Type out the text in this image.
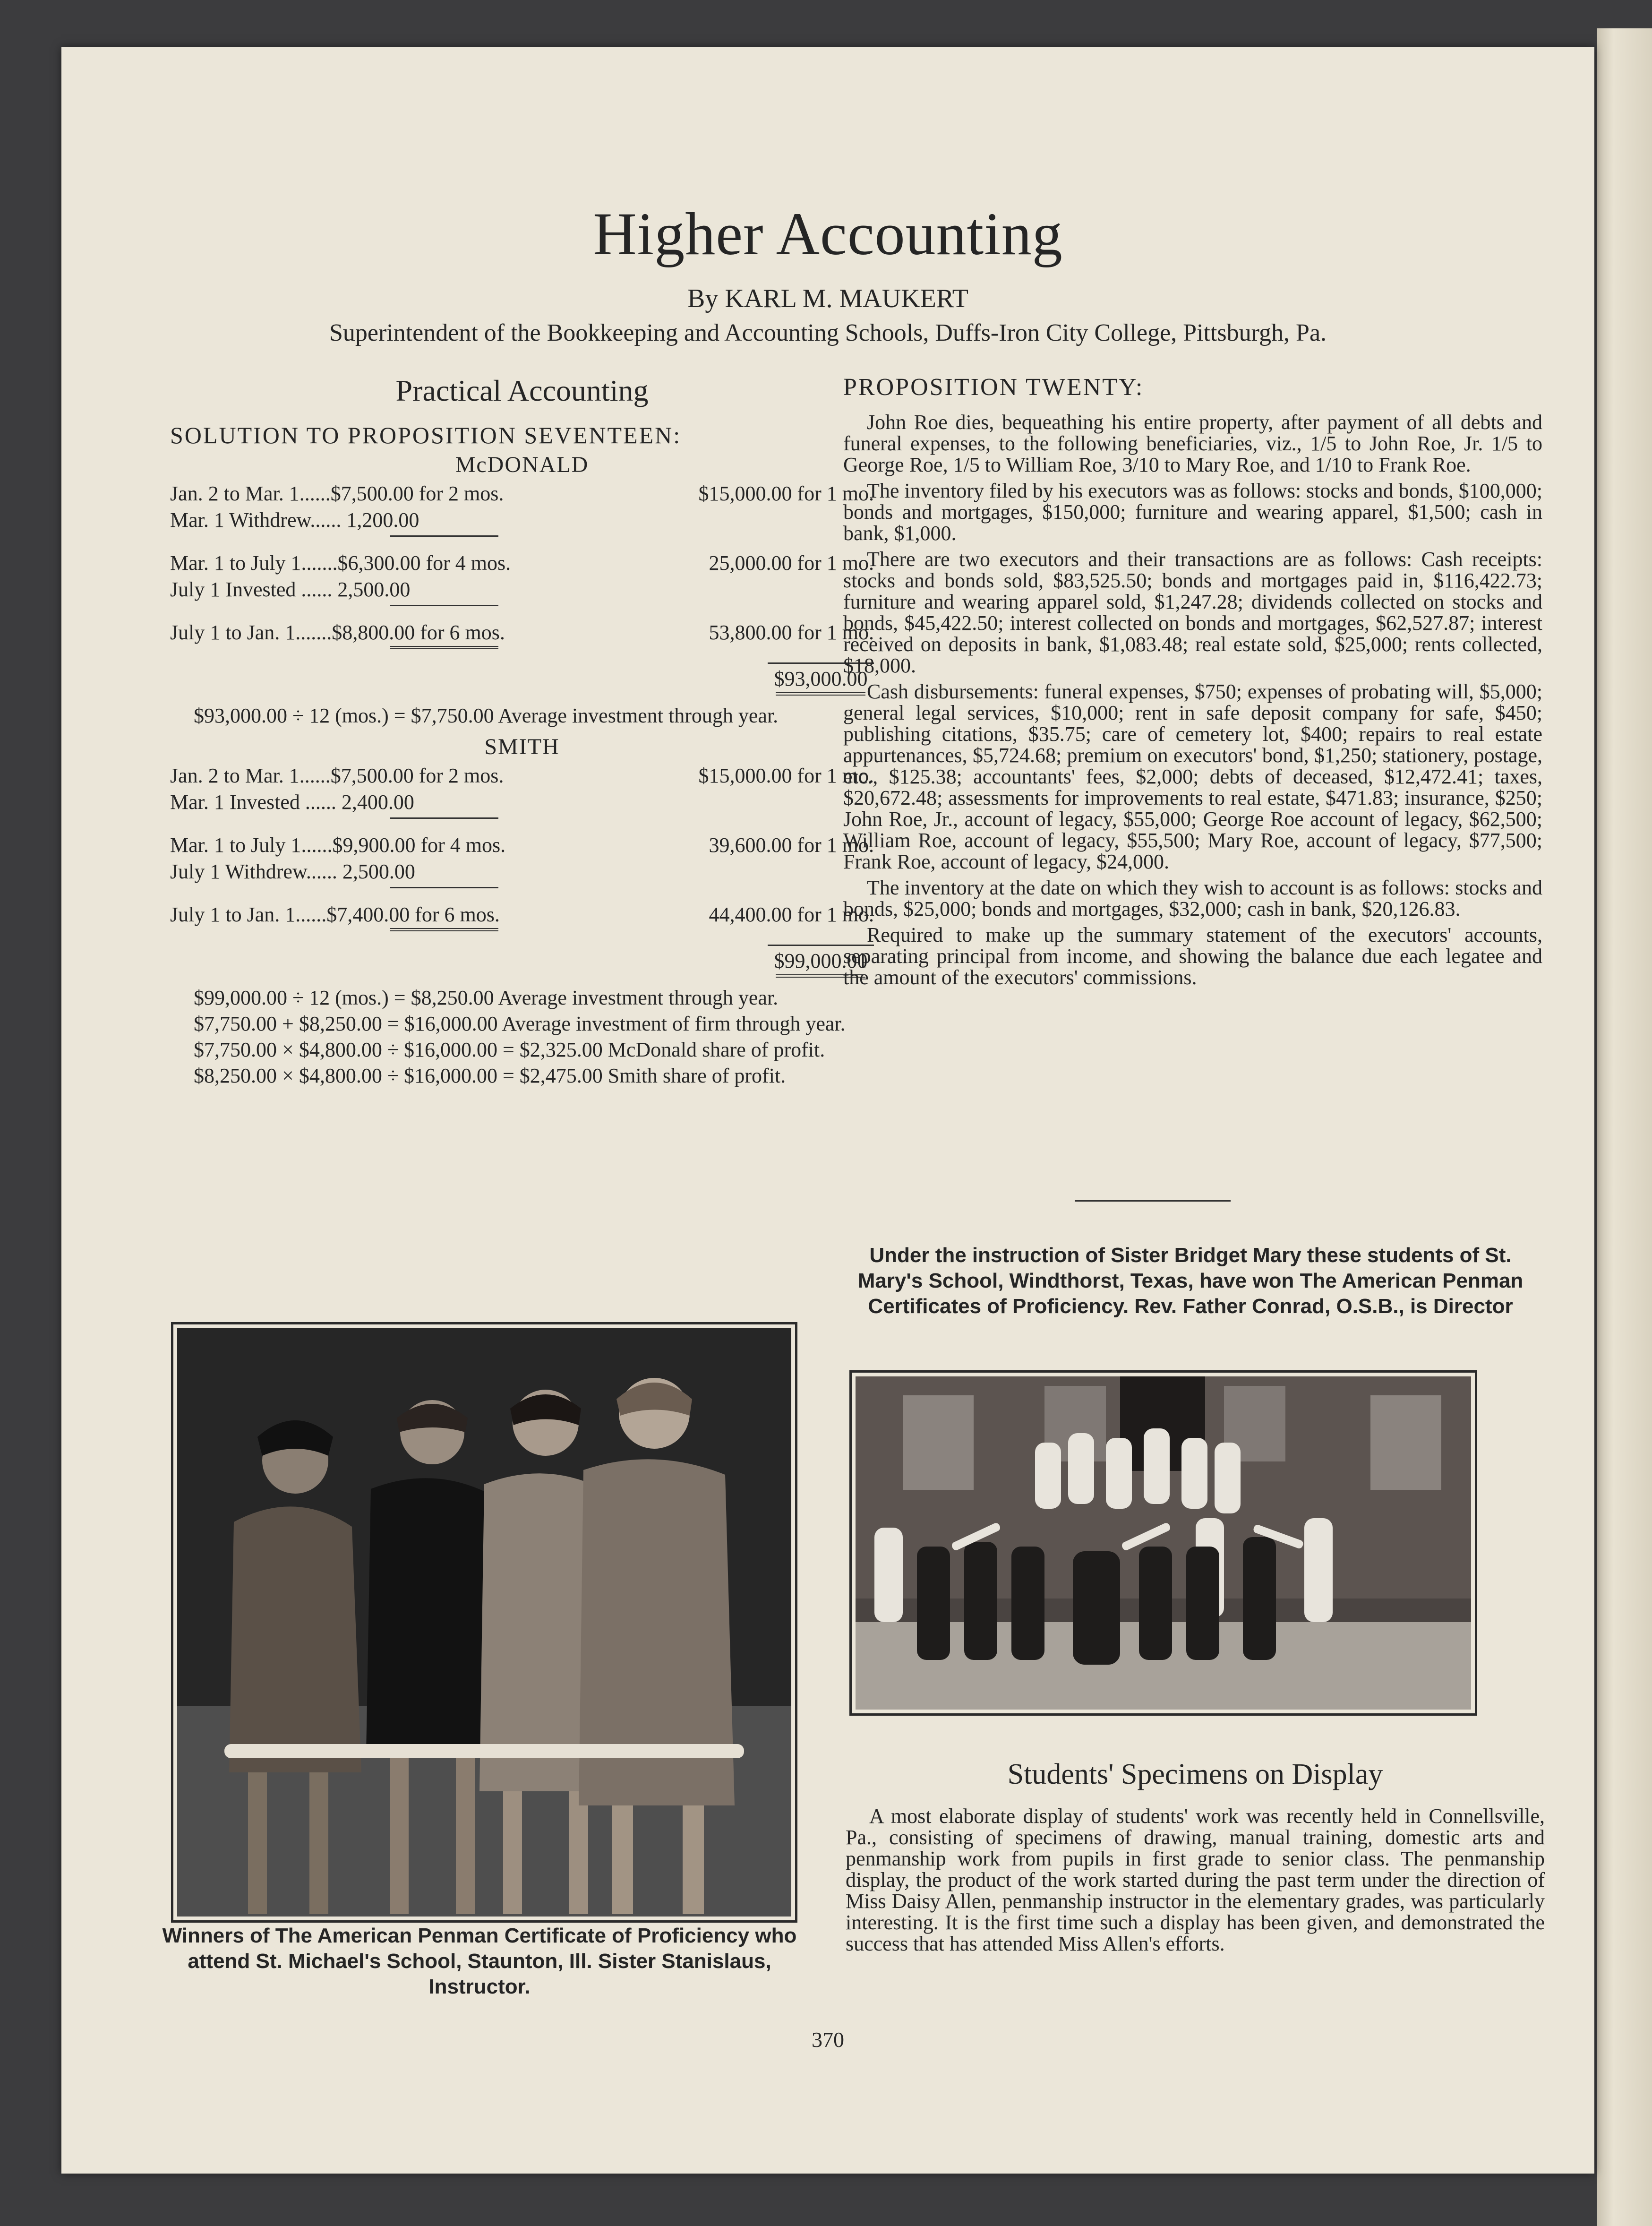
Higher Accounting
By KARL M. MAUKERT
Superintendent of the Bookkeeping and Accounting Schools, Duffs-Iron City College, Pittsburgh, Pa.
Practical Accounting
SOLUTION TO PROPOSITION SEVENTEEN:
McDONALD
Jan. 2 to Mar. 1......$7,500.00 for 2 mos.	$15,000.00 for 1 mo.
Mar. 1 Withdrew...... 1,200.00
Mar. 1 to July 1.......$6,300.00 for 4 mos.	25,000.00 for 1 mo.
July 1 Invested ...... 2,500.00
July 1 to Jan. 1.......$8,800.00 for 6 mos.	53,800.00 for 1 mo.
$93,000.00

$93,000.00 ÷ 12 (mos.) = $7,750.00 Average investment through year.

SMITH
Jan. 2 to Mar. 1......$7,500.00 for 2 mos.	$15,000.00 for 1 mo.
Mar. 1 Invested ...... 2,400.00
Mar. 1 to July 1......$9,900.00 for 4 mos.	39,600.00 for 1 mo.
July 1 Withdrew...... 2,500.00
July 1 to Jan. 1......$7,400.00 for 6 mos.	44,400.00 for 1 mo.
$99,000.00

$99,000.00 ÷ 12 (mos.) = $8,250.00 Average investment through year.

$7,750.00 + $8,250.00 = $16,000.00 Average investment of firm through year.

$7,750.00 × $4,800.00 ÷ $16,000.00 = $2,325.00 McDonald share of profit.

$8,250.00 × $4,800.00 ÷ $16,000.00 = $2,475.00 Smith share of profit.

Winners of The American Penman Certificate of Proficiency who attend St. Michael's School, Staunton, Ill. Sister Stanislaus, Instructor.
PROPOSITION TWENTY:

John Roe dies, bequeathing his entire property, after payment of all debts and funeral expenses, to the following beneficiaries, viz., 1/5 to John Roe, Jr. 1/5 to George Roe, 1/5 to William Roe, 3/10 to Mary Roe, and 1/10 to Frank Roe.

The inventory filed by his executors was as follows: stocks and bonds, $100,000; bonds and mortgages, $150,000; furniture and wearing apparel, $1,500; cash in bank, $1,000.

There are two executors and their transactions are as follows: Cash receipts: stocks and bonds sold, $83,525.50; bonds and mortgages paid in, $116,422.73; furniture and wearing apparel sold, $1,247.28; dividends collected on stocks and bonds, $45,422.50; interest collected on bonds and mortgages, $62,527.87; interest received on deposits in bank, $1,083.48; real estate sold, $25,000; rents collected, $18,000.

Cash disbursements: funeral expenses, $750; expenses of probating will, $5,000; general legal services, $10,000; rent in safe deposit company for safe, $450; publishing citations, $35.75; care of cemetery lot, $400; repairs to real estate appurtenances, $5,724.68; premium on executors' bond, $1,250; stationery, postage, etc., $125.38; accountants' fees, $2,000; debts of deceased, $12,472.41; taxes, $20,672.48; assessments for improvements to real estate, $471.83; insurance, $250; John Roe, Jr., account of legacy, $55,000; George Roe account of legacy, $62,500; William Roe, account of legacy, $55,500; Mary Roe, account of legacy, $77,500; Frank Roe, account of legacy, $24,000.

The inventory at the date on which they wish to account is as follows: stocks and bonds, $25,000; bonds and mortgages, $32,000; cash in bank, $20,126.83.

Required to make up the summary statement of the executors' accounts, separating principal from income, and showing the balance due each legatee and the amount of the executors' commissions.

Under the instruction of Sister Bridget Mary these students of St. Mary's School, Windthorst, Texas, have won The American Penman Certificates of Proficiency. Rev. Father Conrad, O.S.B., is Director
Students' Specimens on Display

A most elaborate display of students' work was recently held in Connellsville, Pa., consisting of specimens of drawing, manual training, domestic arts and penmanship work from pupils in first grade to senior class. The penmanship display, the product of the work started during the past term under the direction of Miss Daisy Allen, penmanship instructor in the elementary grades, was particularly interesting. It is the first time such a display has been given, and demonstrated the success that has attended Miss Allen's efforts.

370
